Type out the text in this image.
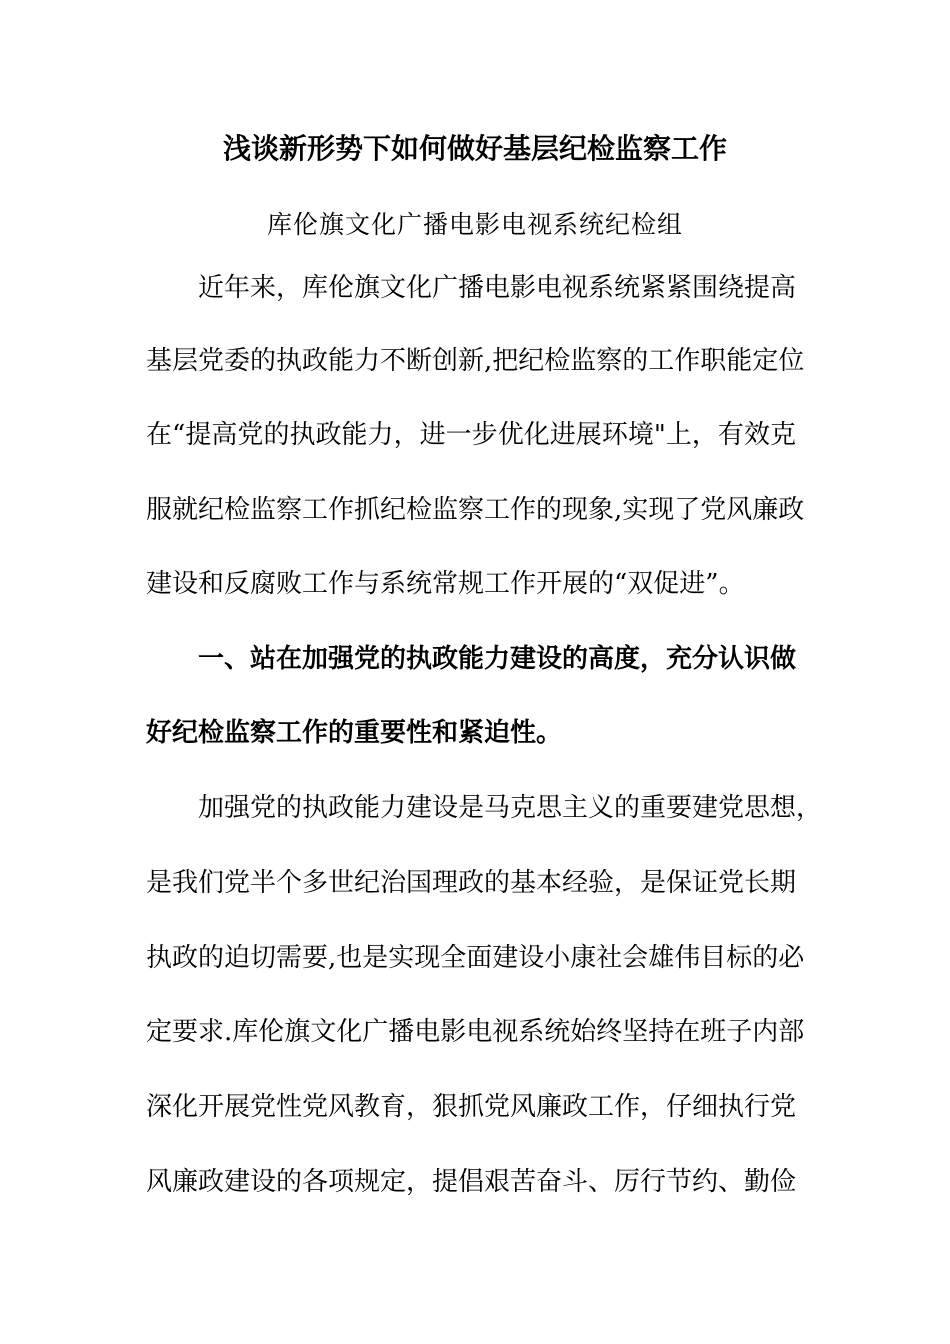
浅谈新形势下如何做好基层纪检监察工作
库伦旗文化广播电影电视系统纪检组
近年来，库伦旗文化广播电影电视系统紧紧围绕提高
基层党委的执政能力不断创新,把纪检监察的工作职能定位
在“提高党的执政能力，进一步优化进展环境"上，有效克
服就纪检监察工作抓纪检监察工作的现象,实现了党风廉政
建设和反腐败工作与系统常规工作开展的“双促进”。
一、站在加强党的执政能力建设的高度，充分认识做
好纪检监察工作的重要性和紧迫性。
加强党的执政能力建设是马克思主义的重要建党思想，
是我们党半个多世纪治国理政的基本经验，是保证党长期
执政的迫切需要,也是实现全面建设小康社会雄伟目标的必
定要求.库伦旗文化广播电影电视系统始终坚持在班子内部
深化开展党性党风教育，狠抓党风廉政工作，仔细执行党
风廉政建设的各项规定，提倡艰苦奋斗、厉行节约、勤俭
